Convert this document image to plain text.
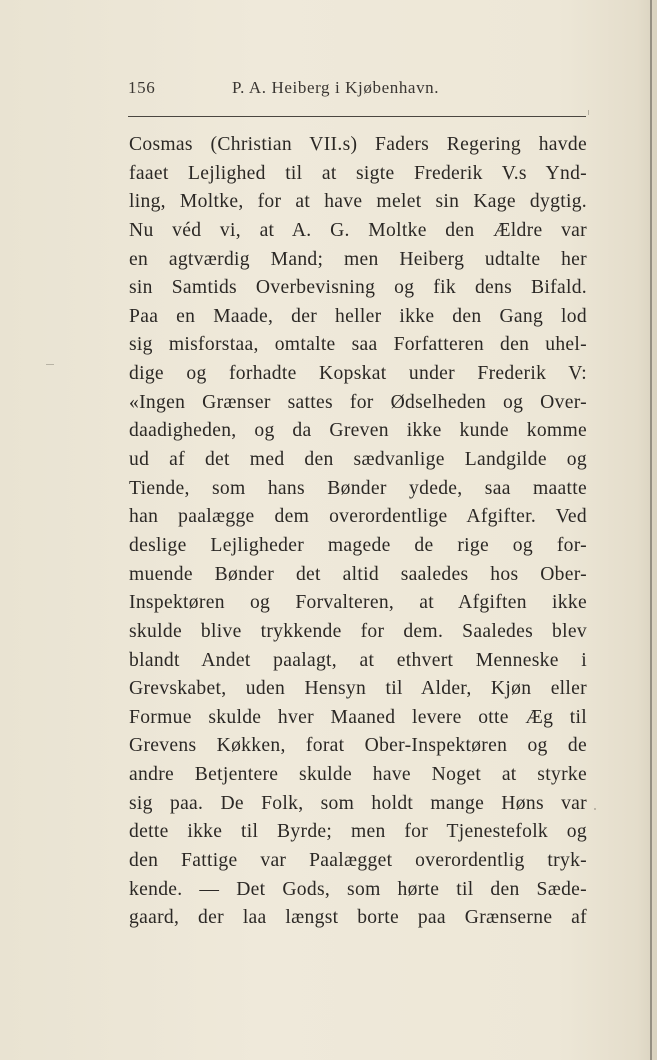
156	P. A. Heiberg i Kjøbenhavn.
Cosmas (Christian VII.s) Faders Regering havde
faaet Lejlighed til at sigte Frederik V.s Ynd-
ling, Moltke, for at have melet sin Kage dygtig.
Nu véd vi, at A. G. Moltke den Ældre var
en agtværdig Mand; men Heiberg udtalte her
sin Samtids Overbevisning og fik dens Bifald.
Paa en Maade, der heller ikke den Gang lod
sig misforstaa, omtalte saa Forfatteren den uhel-
dige og forhadte Kopskat under Frederik V:
«Ingen Grænser sattes for Ødselheden og Over-
daadigheden, og da Greven ikke kunde komme
ud af det med den sædvanlige Landgilde og
Tiende, som hans Bønder ydede, saa maatte
han paalægge dem overordentlige Afgifter. Ved
deslige Lejligheder magede de rige og for-
muende Bønder det altid saaledes hos Ober-
Inspektøren og Forvalteren, at Afgiften ikke
skulde blive trykkende for dem. Saaledes blev
blandt Andet paalagt, at ethvert Menneske i
Grevskabet, uden Hensyn til Alder, Kjøn eller
Formue skulde hver Maaned levere otte Æg til
Grevens Køkken, forat Ober-Inspektøren og de
andre Betjentere skulde have Noget at styrke
sig paa. De Folk, som holdt mange Høns var
dette ikke til Byrde; men for Tjenestefolk og
den Fattige var Paalægget overordentlig tryk-
kende. — Det Gods, som hørte til den Sæde-
gaard, der laa længst borte paa Grænserne af
